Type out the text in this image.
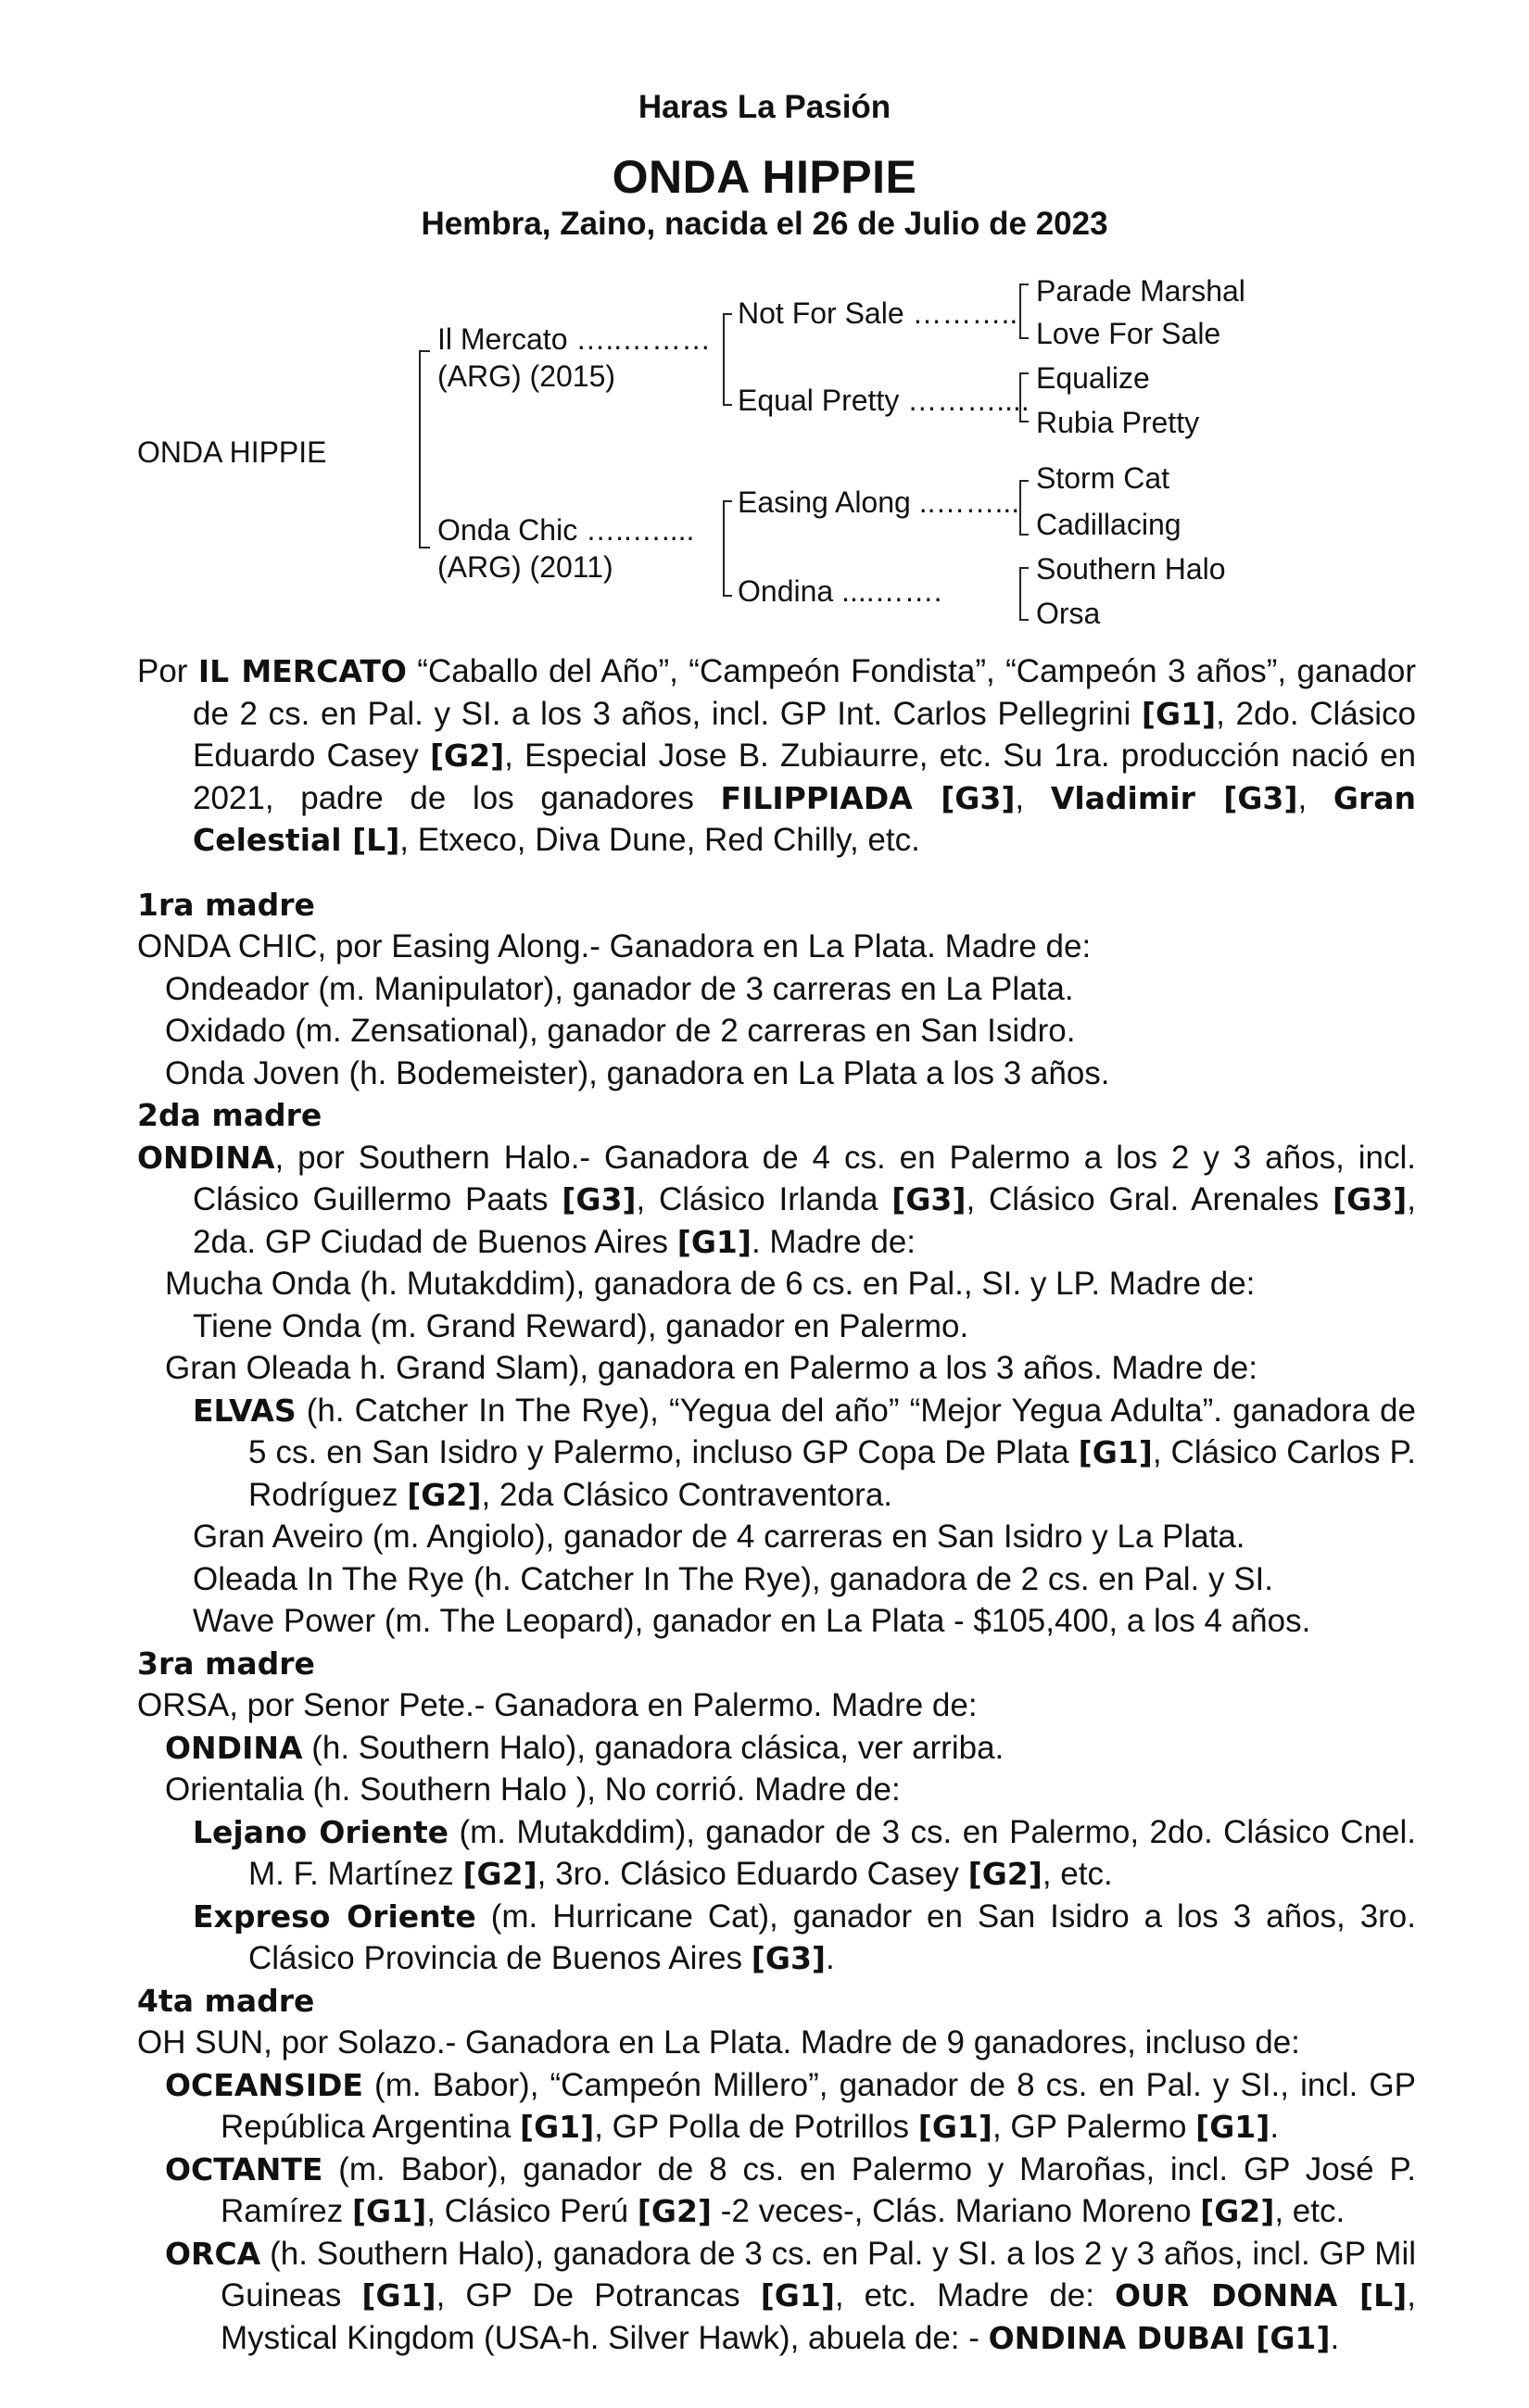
Haras La Pasión
ONDA HIPPIE
Hembra, Zaino, nacida el 26 de Julio de 2023
ONDA HIPPIE
Il Mercato …..………
(ARG) (2015)
Onda Chic …..…....
(ARG) (2011)
Not For Sale ………..
Equal Pretty ………....
Easing Along ..……...
Ondina ....…….
Parade Marshal
Love For Sale
Equalize
Rubia Pretty
Storm Cat
Cadillacing
Southern Halo
Orsa

Por IL MERCATO “Caballo del Año”, “Campeón Fondista”, “Campeón 3 años”, ganador de 2 cs. en Pal. y SI. a los 3 años, incl. GP Int. Carlos Pellegrini [G1], 2do. Clásico Eduardo Casey [G2], Especial Jose B. Zubiaurre, etc. Su 1ra. producción nació en 2021, padre de los ganadores FILIPPIADA [G3], Vladimir [G3], Gran Celestial [L], Etxeco, Diva Dune, Red Chilly, etc.

1ra madre

ONDA CHIC, por Easing Along.- Ganadora en La Plata. Madre de:

Ondeador (m. Manipulator), ganador de 3 carreras en La Plata.

Oxidado (m. Zensational), ganador de 2 carreras en San Isidro.

Onda Joven (h. Bodemeister), ganadora en La Plata a los 3 años.

2da madre

ONDINA, por Southern Halo.- Ganadora de 4 cs. en Palermo a los 2 y 3 años, incl. Clásico Guillermo Paats [G3], Clásico Irlanda [G3], Clásico Gral. Arenales [G3], 2da. GP Ciudad de Buenos Aires [G1]. Madre de:

Mucha Onda (h. Mutakddim), ganadora de 6 cs. en Pal., SI. y LP. Madre de:

Tiene Onda (m. Grand Reward), ganador en Palermo.

Gran Oleada h. Grand Slam), ganadora en Palermo a los 3 años. Madre de:

ELVAS (h. Catcher In The Rye), “Yegua del año” “Mejor Yegua Adulta”. ganadora de 5 cs. en San Isidro y Palermo, incluso GP Copa De Plata [G1], Clásico Carlos P. Rodríguez [G2], 2da Clásico Contraventora.

Gran Aveiro (m. Angiolo), ganador de 4 carreras en San Isidro y La Plata.

Oleada In The Rye (h. Catcher In The Rye), ganadora de 2 cs. en Pal. y SI.

Wave Power (m. The Leopard), ganador en La Plata - $105,400, a los 4 años.

3ra madre

ORSA, por Senor Pete.- Ganadora en Palermo. Madre de:

ONDINA (h. Southern Halo), ganadora clásica, ver arriba.

Orientalia (h. Southern Halo ), No corrió. Madre de:

Lejano Oriente (m. Mutakddim), ganador de 3 cs. en Palermo, 2do. Clásico Cnel. M. F. Martínez [G2], 3ro. Clásico Eduardo Casey [G2], etc.

Expreso Oriente (m. Hurricane Cat), ganador en San Isidro a los 3 años, 3ro. Clásico Provincia de Buenos Aires [G3].

4ta madre

OH SUN, por Solazo.- Ganadora en La Plata. Madre de 9 ganadores, incluso de:

OCEANSIDE (m. Babor), “Campeón Millero”, ganador de 8 cs. en Pal. y SI., incl. GP República Argentina [G1], GP Polla de Potrillos [G1], GP Palermo [G1].

OCTANTE (m. Babor), ganador de 8 cs. en Palermo y Maroñas, incl. GP José P. Ramírez [G1], Clásico Perú [G2] -2 veces-, Clás. Mariano Moreno [G2], etc.

ORCA (h. Southern Halo), ganadora de 3 cs. en Pal. y SI. a los 2 y 3 años, incl. GP Mil Guineas [G1], GP De Potrancas [G1], etc. Madre de: OUR DONNA [L], Mystical Kingdom (USA-h. Silver Hawk), abuela de: - ONDINA DUBAI [G1].
